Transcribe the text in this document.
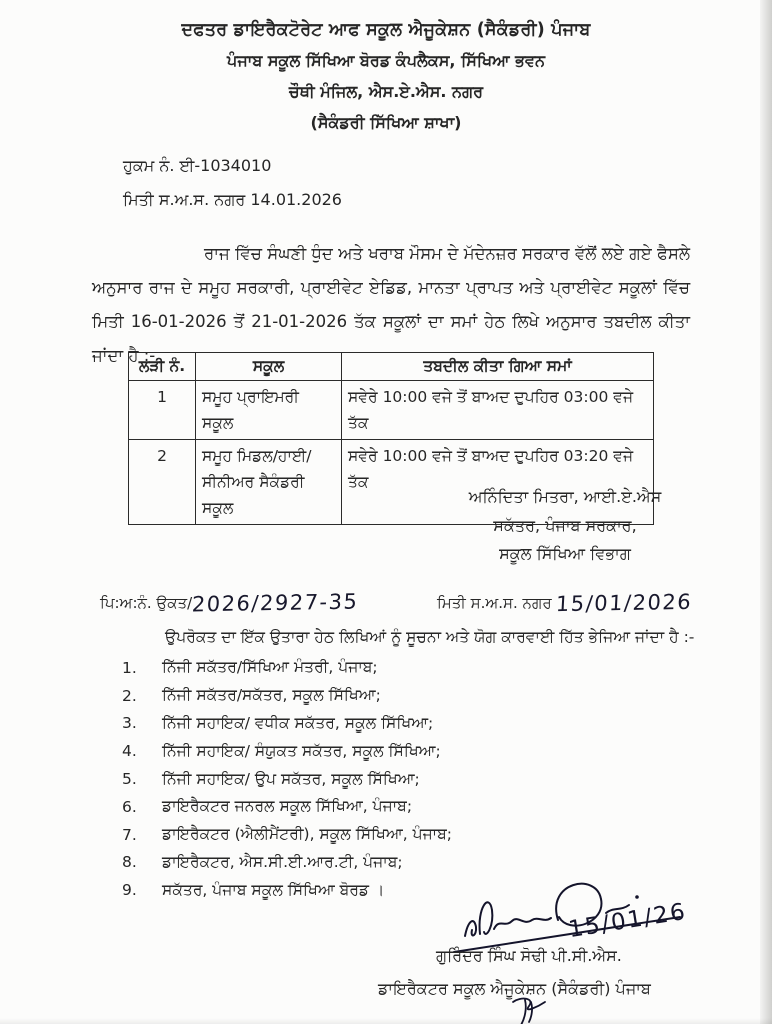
ਦਫਤਰ ਡਾਇਰੈਕਟੋਰੇਟ ਆਫ ਸਕੂਲ ਐਜੂਕੇਸ਼ਨ (ਸੈਕੰਡਰੀ) ਪੰਜਾਬ
ਪੰਜਾਬ ਸਕੂਲ ਸਿੱਖਿਆ ਬੋਰਡ ਕੰਪਲੈਕਸ, ਸਿੱਖਿਆ ਭਵਨ
ਚੌਥੀ ਮੰਜਿਲ, ਐਸ.ਏ.ਐਸ. ਨਗਰ
(ਸੈਕੰਡਰੀ ਸਿੱਖਿਆ ਸ਼ਾਖਾ)
ਹੁਕਮ ਨੰ. ਈ-1034010
ਮਿਤੀ ਸ.ਅ.ਸ. ਨਗਰ 14.01.2026
ਰਾਜ ਵਿੱਚ ਸੰਘਣੀ ਧੁੰਦ ਅਤੇ ਖਰਾਬ ਮੌਸਮ ਦੇ ਮੱਦੇਨਜ਼ਰ ਸਰਕਾਰ ਵੱਲੋਂ ਲਏ ਗਏ ਫੈਸਲੇ ਅਨੁਸਾਰ ਰਾਜ ਦੇ ਸਮੂਹ ਸਰਕਾਰੀ, ਪ੍ਰਾਈਵੇਟ ਏਡਿਡ, ਮਾਨਤਾ ਪ੍ਰਾਪਤ ਅਤੇ ਪ੍ਰਾਈਵੇਟ ਸਕੂਲਾਂ ਵਿੱਚ ਮਿਤੀ 16-01-2026 ਤੋਂ 21-01-2026 ਤੱਕ ਸਕੂਲਾਂ ਦਾ ਸਮਾਂ ਹੇਠ ਲਿਖੇ ਅਨੁਸਾਰ ਤਬਦੀਲ ਕੀਤਾ ਜਾਂਦਾ ਹੈ :-
ਲੜੀ ਨੰ.	ਸਕੂਲ	ਤਬਦੀਲ ਕੀਤਾ ਗਿਆ ਸਮਾਂ
1	ਸਮੂਹ ਪ੍ਰਾਇਮਰੀ ਸਕੂਲ	ਸਵੇਰੇ 10:00 ਵਜੇ ਤੋਂ ਬਾਅਦ ਦੁਪਹਿਰ 03:00 ਵਜੇ ਤੱਕ
2	ਸਮੂਹ ਮਿਡਲ/ਹਾਈ/ਸੀਨੀਅਰ ਸੈਕੰਡਰੀ ਸਕੂਲ	ਸਵੇਰੇ 10:00 ਵਜੇ ਤੋਂ ਬਾਅਦ ਦੁਪਹਿਰ 03:20 ਵਜੇ ਤੱਕ
ਅਨਿੰਦਿਤਾ ਮਿਤਰਾ, ਆਈ.ਏ.ਐਸ
ਸਕੱਤਰ, ਪੰਜਾਬ ਸਰਕਾਰ,
ਸਕੂਲ ਸਿੱਖਿਆ ਵਿਭਾਗ
ਪਿ:ਅ:ਨੰ. ਉਕਤ/2026/2927-35	ਮਿਤੀ ਸ.ਅ.ਸ. ਨਗਰ 15/01/2026
ਉਪਰੋਕਤ ਦਾ ਇੱਕ ਉਤਾਰਾ ਹੇਠ ਲਿਖਿਆਂ ਨੂੰ ਸੂਚਨਾ ਅਤੇ ਯੋਗ ਕਾਰਵਾਈ ਹਿੱਤ ਭੇਜਿਆ ਜਾਂਦਾ ਹੈ :-
1.	ਨਿੱਜੀ ਸਕੱਤਰ/ਸਿੱਖਿਆ ਮੰਤਰੀ, ਪੰਜਾਬ;
2.	ਨਿੱਜੀ ਸਕੱਤਰ/ਸਕੱਤਰ, ਸਕੂਲ ਸਿੱਖਿਆ;
3.	ਨਿੱਜੀ ਸਹਾਇਕ/ ਵਧੀਕ ਸਕੱਤਰ, ਸਕੂਲ ਸਿੱਖਿਆ;
4.	ਨਿੱਜੀ ਸਹਾਇਕ/ ਸੰਯੁਕਤ ਸਕੱਤਰ, ਸਕੂਲ ਸਿੱਖਿਆ;
5.	ਨਿੱਜੀ ਸਹਾਇਕ/ ਉਪ ਸਕੱਤਰ, ਸਕੂਲ ਸਿੱਖਿਆ;
6.	ਡਾਇਰੈਕਟਰ ਜਨਰਲ ਸਕੂਲ ਸਿੱਖਿਆ, ਪੰਜਾਬ;
7.	ਡਾਇਰੈਕਟਰ (ਐਲੀਮੈਂਟਰੀ), ਸਕੂਲ ਸਿੱਖਿਆ, ਪੰਜਾਬ;
8.	ਡਾਇਰੈਕਟਰ, ਐਸ.ਸੀ.ਈ.ਆਰ.ਟੀ, ਪੰਜਾਬ;
9.	ਸਕੱਤਰ, ਪੰਜਾਬ ਸਕੂਲ ਸਿੱਖਿਆ ਬੋਰਡ ।
15/01/26
ਗੁਰਿੰਦਰ ਸਿੰਘ ਸੋਢੀ ਪੀ.ਸੀ.ਐਸ.
ਡਾਇਰੈਕਟਰ ਸਕੂਲ ਐਜੂਕੇਸ਼ਨ (ਸੈਕੰਡਰੀ) ਪੰਜਾਬ
